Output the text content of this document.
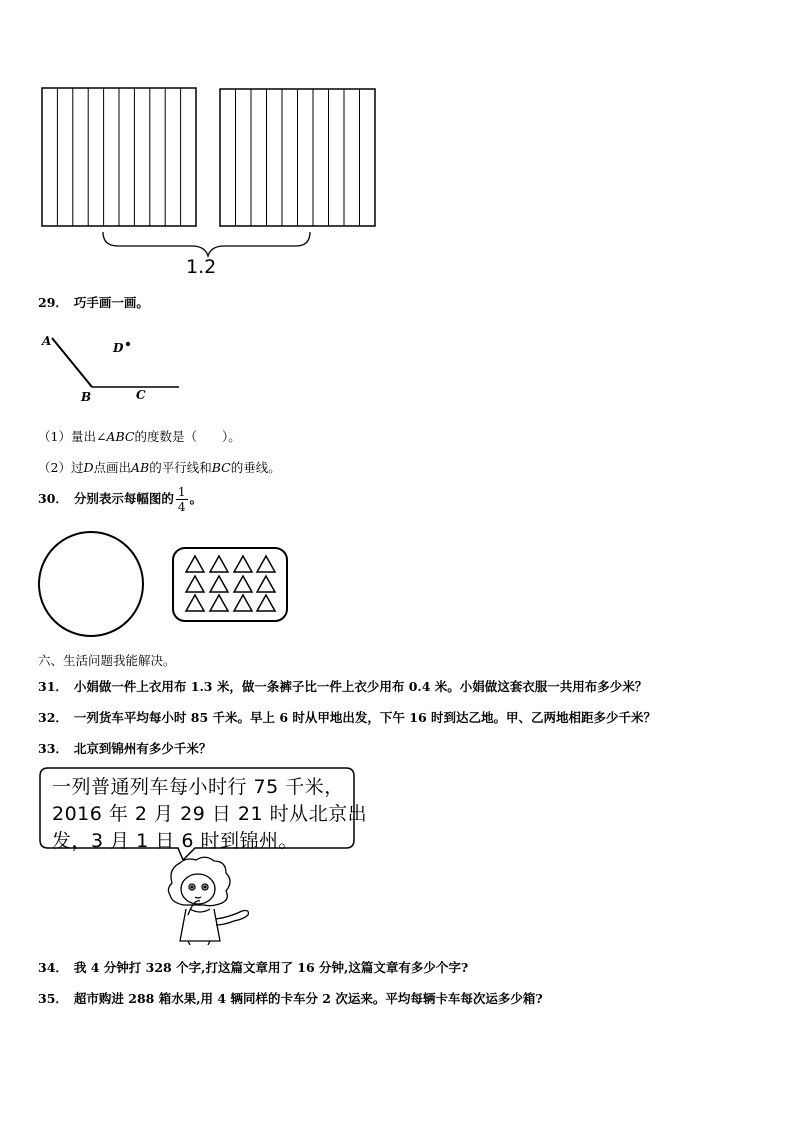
1.2
29． 巧手画一画。
A	D
B	C
（1）量出∠ABC的度数是（　　）。
（2）过D点画出AB的平行线和BC的垂线。
30． 分别表示每幅图的 $\frac{1}{4}$ 。
六、生活问题我能解决。
31． 小娟做一件上衣用布 1.3 米，做一条裤子比一件上衣少用布 0.4 米。小娟做这套衣服一共用布多少米？
32． 一列货车平均每小时 85 千米。早上 6 时从甲地出发，下午 16 时到达乙地。甲、乙两地相距多少千米？
33． 北京到锦州有多少千米？
一列普通列车每小时行 75 千米，
2016 年 2 月 29 日 21 时从北京出
发，3 月 1 日 6 时到锦州。
34． 我 4 分钟打 328 个字,打这篇文章用了 16 分钟,这篇文章有多少个字?
35． 超市购进 288 箱水果,用 4 辆同样的卡车分 2 次运来。平均每辆卡车每次运多少箱?
